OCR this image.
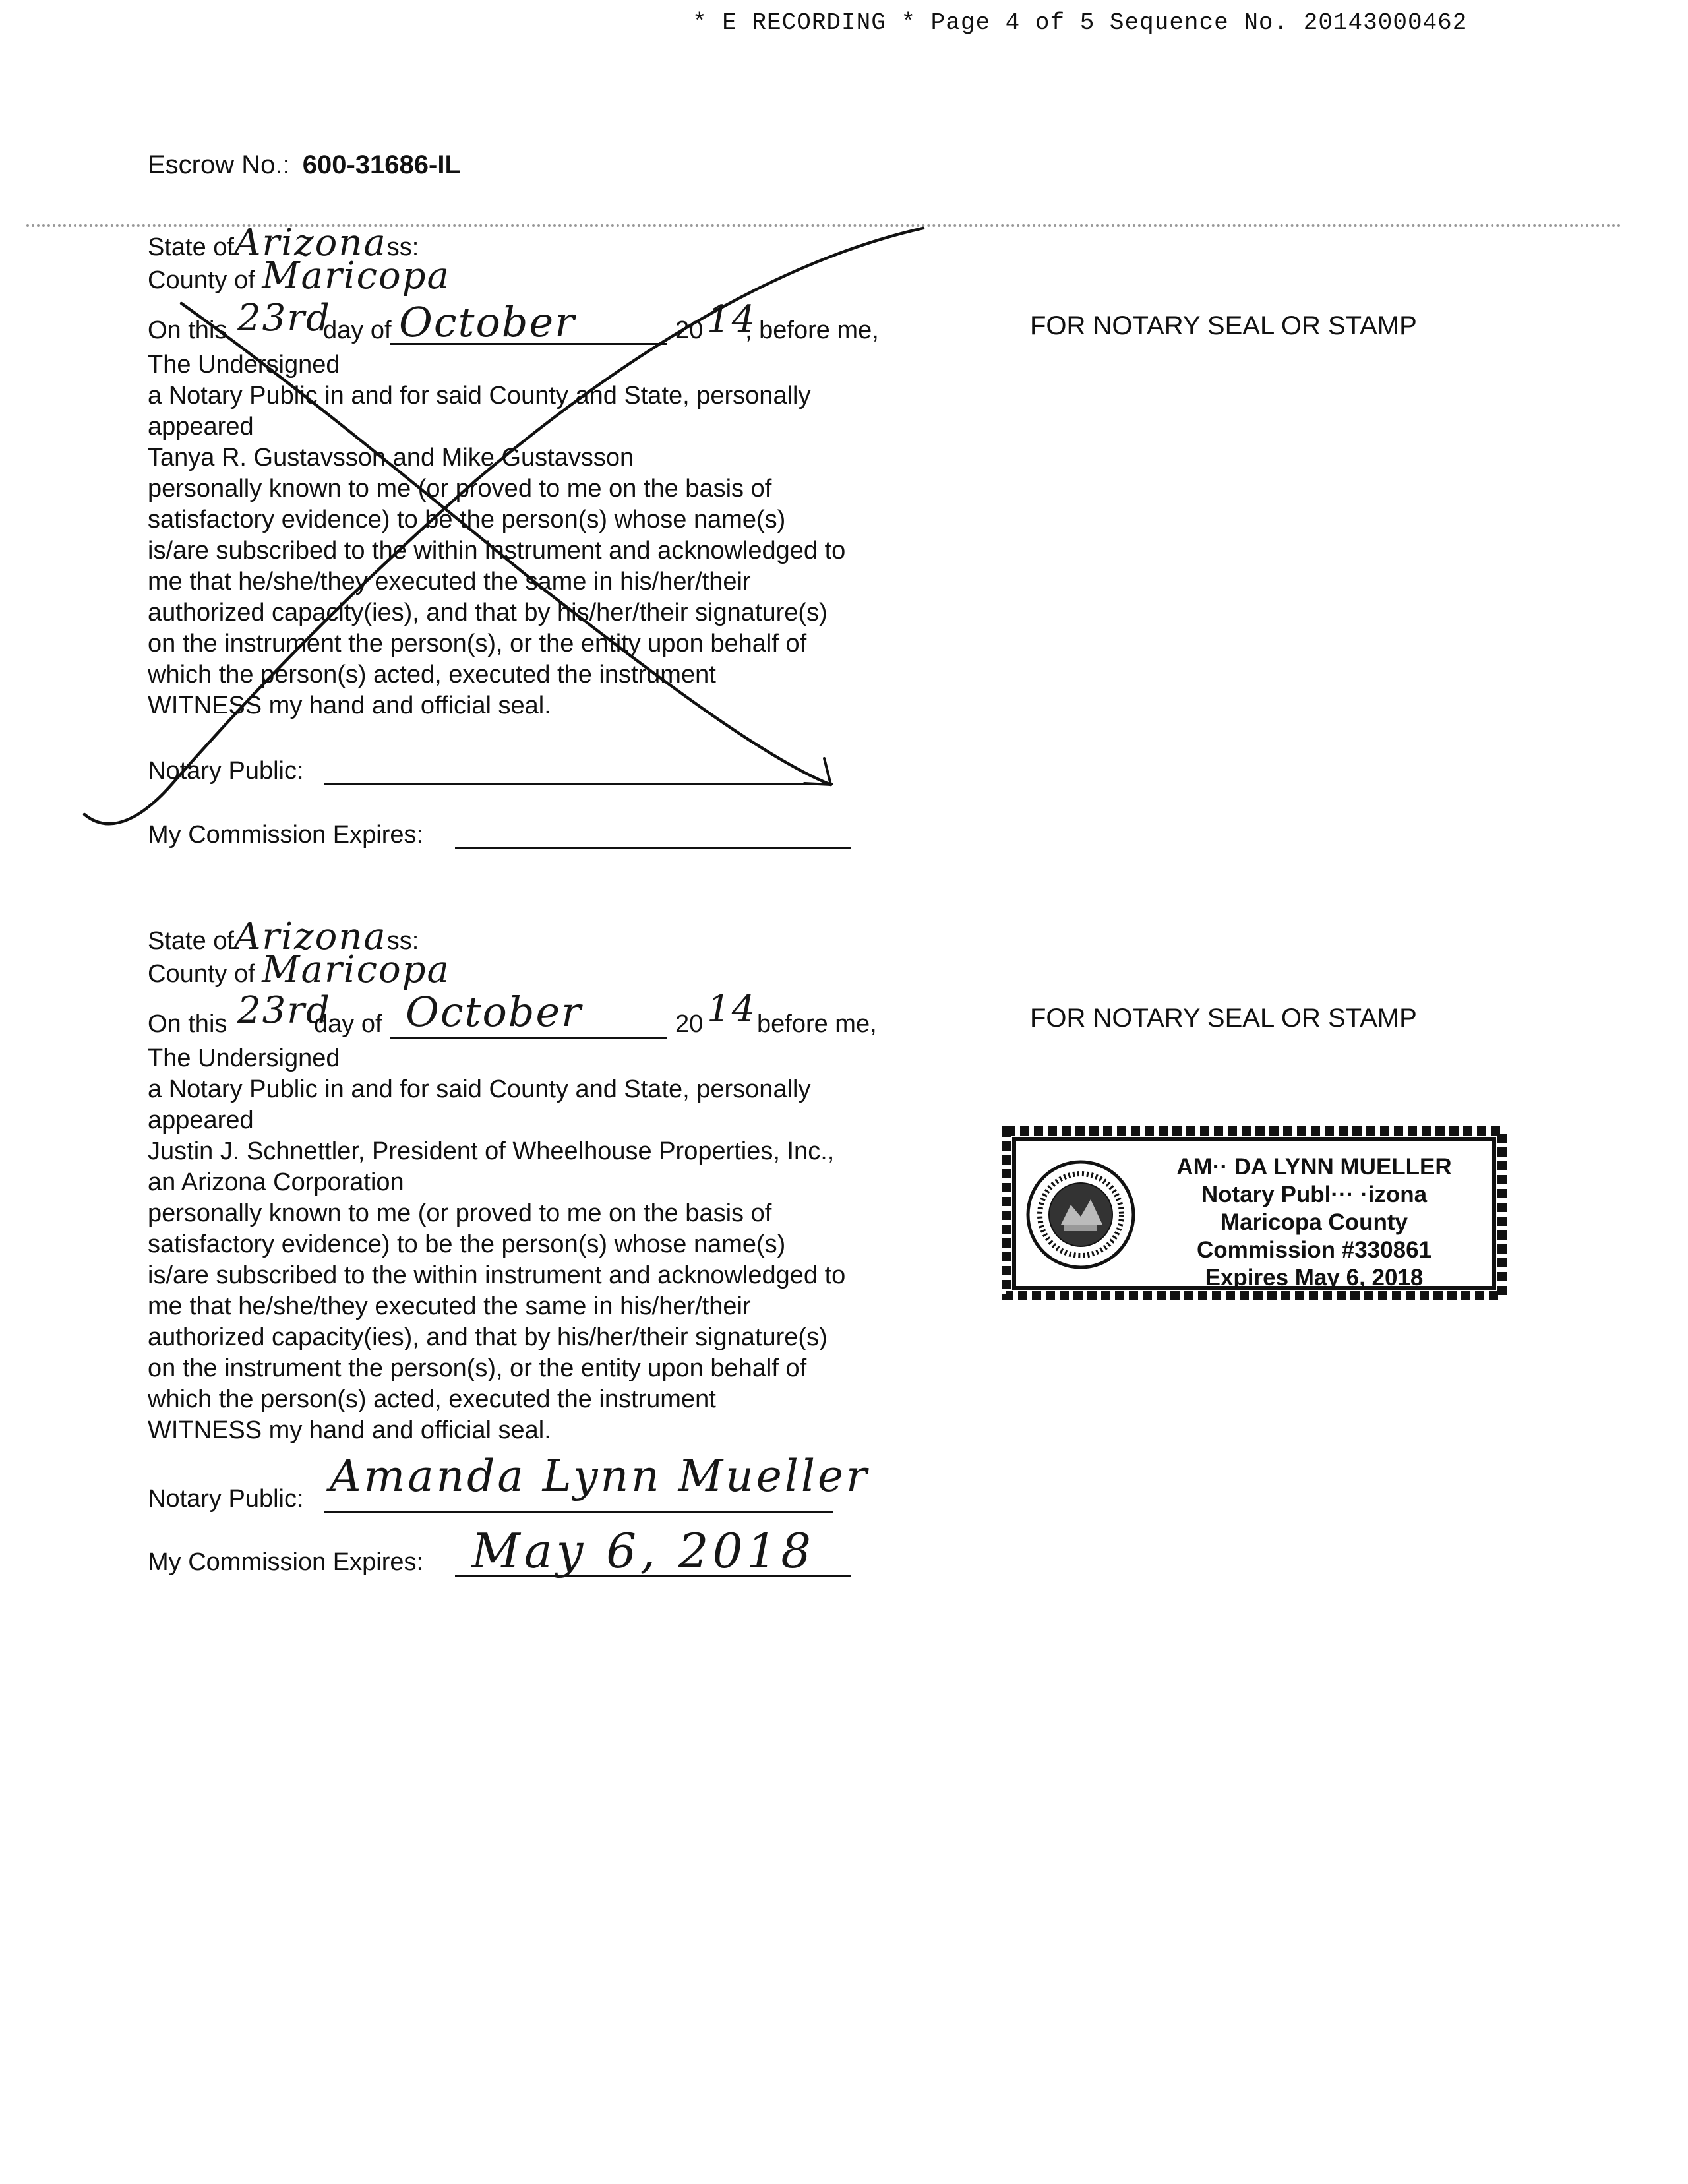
* E RECORDING * Page 4 of 5 Sequence No. 20143000462
Escrow No.: 600-31686-IL
State ofArizonass:
County of Maricopa
On this 23rd
day of October	20 14
, before me,
The Undersigned
a Notary Public in and for said County and State, personally
appeared
Tanya R. Gustavsson and Mike Gustavsson
personally known to me (or proved to me on the basis of
satisfactory evidence) to be the person(s) whose name(s)
is/are subscribed to the within instrument and acknowledged to
me that he/she/they executed the same in his/her/their
authorized capacity(ies), and that by his/her/their signature(s)
on the instrument the person(s), or the entity upon behalf of
which the person(s) acted, executed the instrument
WITNESS my hand and official seal.
Notary Public:
My Commission Expires:
FOR NOTARY SEAL OR STAMP
State ofArizonass:
County of Maricopa
On this 23rd
day of October	20 14 before me,
The Undersigned
a Notary Public in and for said County and State, personally
appeared
Justin J. Schnettler, President of Wheelhouse Properties, Inc.,
an Arizona Corporation
personally known to me (or proved to me on the basis of
satisfactory evidence) to be the person(s) whose name(s)
is/are subscribed to the within instrument and acknowledged to
me that he/she/they executed the same in his/her/their
authorized capacity(ies), and that by his/her/their signature(s)
on the instrument the person(s), or the entity upon behalf of
which the person(s) acted, executed the instrument
WITNESS my hand and official seal.
Notary Public: Amanda Lynn Mueller
My Commission Expires: May 6, 2018
FOR NOTARY SEAL OR STAMP
AM·· DA LYNN MUELLER
Notary Publ··· ·izona
Maricopa County
Commission #330861
Expires May 6, 2018
